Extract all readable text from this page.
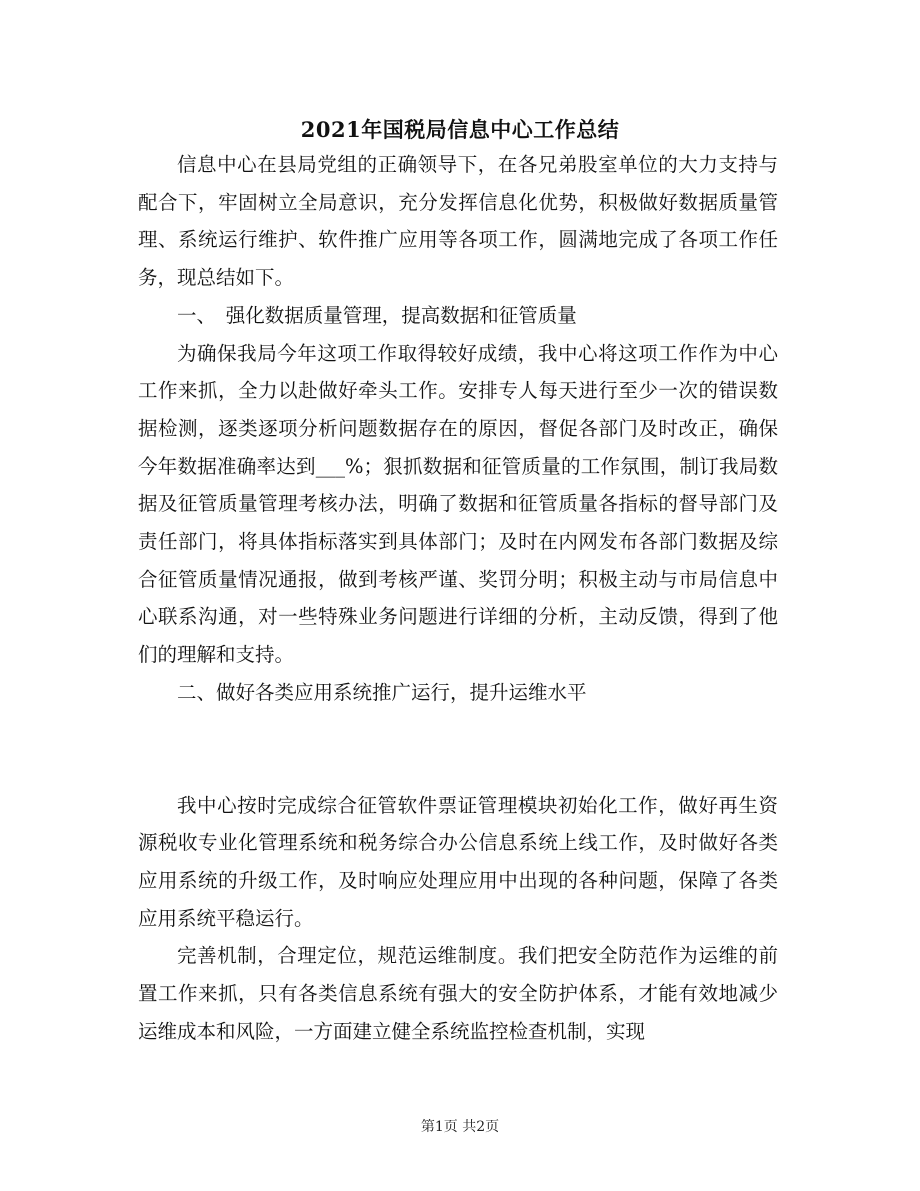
2021年国税局信息中心工作总结

信息中心在县局党组的正确领导下，在各兄弟股室单位的大力支持与配合下，牢固树立全局意识，充分发挥信息化优势，积极做好数据质量管理、系统运行维护、软件推广应用等各项工作，圆满地完成了各项工作任务，现总结如下。

一、　强化数据质量管理，提高数据和征管质量

为确保我局今年这项工作取得较好成绩，我中心将这项工作作为中心工作来抓，全力以赴做好牵头工作。安排专人每天进行至少一次的错误数据检测，逐类逐项分析问题数据存在的原因，督促各部门及时改正，确保今年数据准确率达到___%；狠抓数据和征管质量的工作氛围，制订我局数据及征管质量管理考核办法，明确了数据和征管质量各指标的督导部门及责任部门，将具体指标落实到具体部门；及时在内网发布各部门数据及综合征管质量情况通报，做到考核严谨、奖罚分明；积极主动与市局信息中心联系沟通，对一些特殊业务问题进行详细的分析，主动反馈，得到了他们的理解和支持。

二、做好各类应用系统推广运行，提升运维水平

我中心按时完成综合征管软件票证管理模块初始化工作，做好再生资源税收专业化管理系统和税务综合办公信息系统上线工作，及时做好各类应用系统的升级工作，及时响应处理应用中出现的各种问题，保障了各类应用系统平稳运行。

完善机制，合理定位，规范运维制度。我们把安全防范作为运维的前置工作来抓，只有各类信息系统有强大的安全防护体系，才能有效地减少运维成本和风险，一方面建立健全系统监控检查机制，实现

第1页 共2页
